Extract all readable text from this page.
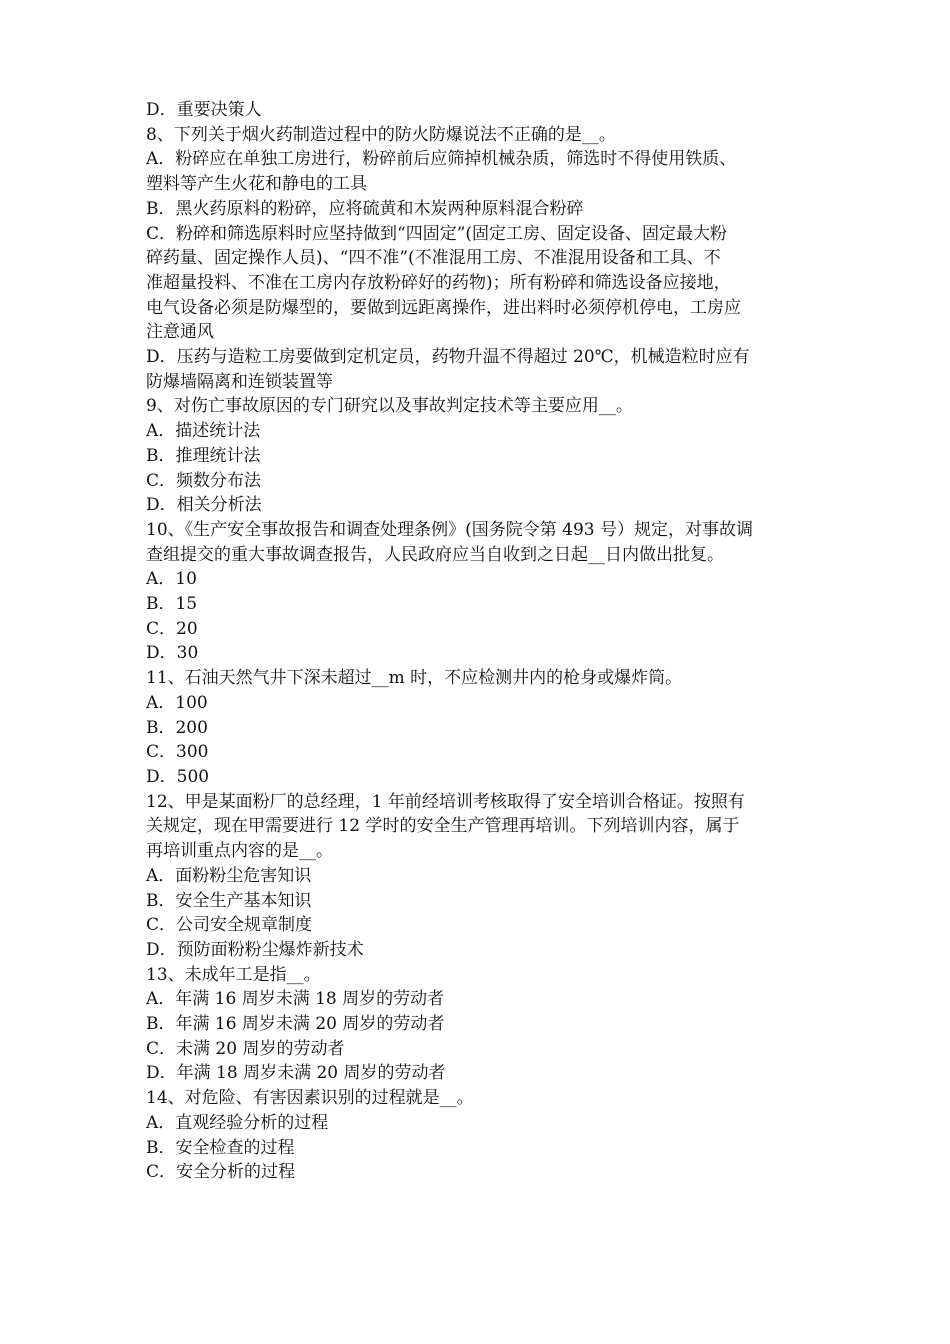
D．重要决策人
8、下列关于烟火药制造过程中的防火防爆说法不正确的是__。
A．粉碎应在单独工房进行，粉碎前后应筛掉机械杂质，筛选时不得使用铁质、
塑料等产生火花和静电的工具
B．黑火药原料的粉碎，应将硫黄和木炭两种原料混合粉碎
C．粉碎和筛选原料时应坚持做到“四固定”(固定工房、固定设备、固定最大粉
碎药量、固定操作人员)、“四不准”(不准混用工房、不准混用设备和工具、不
准超量投料、不准在工房内存放粉碎好的药物)；所有粉碎和筛选设备应接地，
电气设备必须是防爆型的，要做到远距离操作，进出料时必须停机停电，工房应
注意通风
D．压药与造粒工房要做到定机定员，药物升温不得超过 20℃，机械造粒时应有
防爆墙隔离和连锁装置等
9、对伤亡事故原因的专门研究以及事故判定技术等主要应用__。
A．描述统计法
B．推理统计法
C．频数分布法
D．相关分析法
10、《生产安全事故报告和调查处理条例》(国务院令第 493 号）规定，对事故调
查组提交的重大事故调查报告，人民政府应当自收到之日起__日内做出批复。
A．10
B．15
C．20
D．30
11、石油天然气井下深未超过__m 时，不应检测井内的枪身或爆炸筒。
A．100
B．200
C．300
D．500
12、甲是某面粉厂的总经理，1 年前经培训考核取得了安全培训合格证。按照有
关规定，现在甲需要进行 12 学时的安全生产管理再培训。下列培训内容，属于
再培训重点内容的是__。
A．面粉粉尘危害知识
B．安全生产基本知识
C．公司安全规章制度
D．预防面粉粉尘爆炸新技术
13、未成年工是指__。
A．年满 16 周岁未满 18 周岁的劳动者
B．年满 16 周岁未满 20 周岁的劳动者
C．未满 20 周岁的劳动者
D．年满 18 周岁未满 20 周岁的劳动者
14、对危险、有害因素识别的过程就是__。
A．直观经验分析的过程
B．安全检查的过程
C．安全分析的过程
